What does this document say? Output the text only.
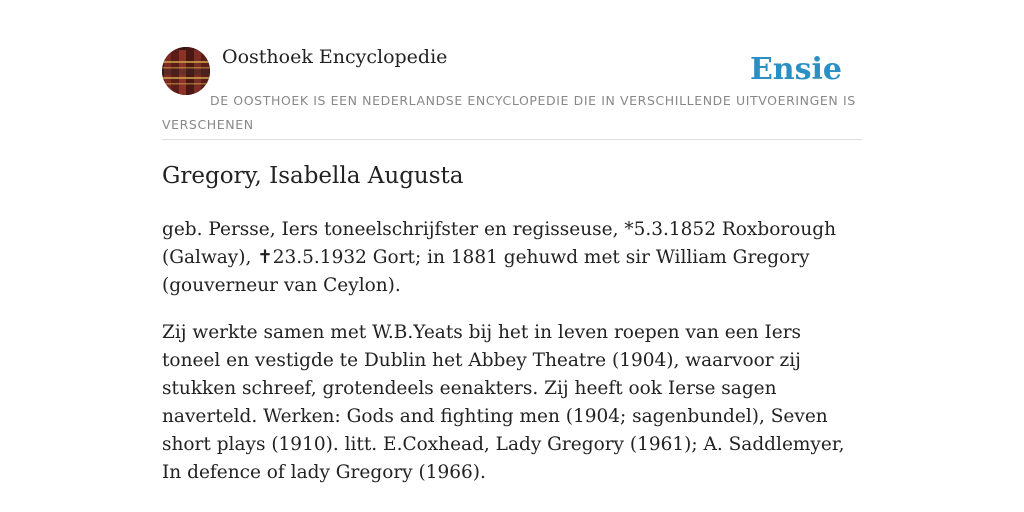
Oosthoek Encyclopedie	Ensie
DE OOSTHOEK IS EEN NEDERLANDSE ENCYCLOPEDIE DIE IN VERSCHILLENDE UITVOERINGEN IS VERSCHENEN
Gregory, Isabella Augusta

geb. Persse, Iers toneelschrijfster en regisseuse, *5.3.1852 Roxborough (Galway), ✝23.5.1932 Gort; in 1881 gehuwd met sir William Gregory (gouverneur van Ceylon).

Zij werkte samen met W.B.Yeats bij het in leven roepen van een Iers toneel en vestigde te Dublin het Abbey Theatre (1904), waarvoor zij stukken schreef, grotendeels eenakters. Zij heeft ook Ierse sagen naverteld. Werken: Gods and fighting men (1904; sagenbundel), Seven short plays (1910). litt. E.Coxhead, Lady Gregory (1961); A. Saddlemyer, In defence of lady Gregory (1966).
